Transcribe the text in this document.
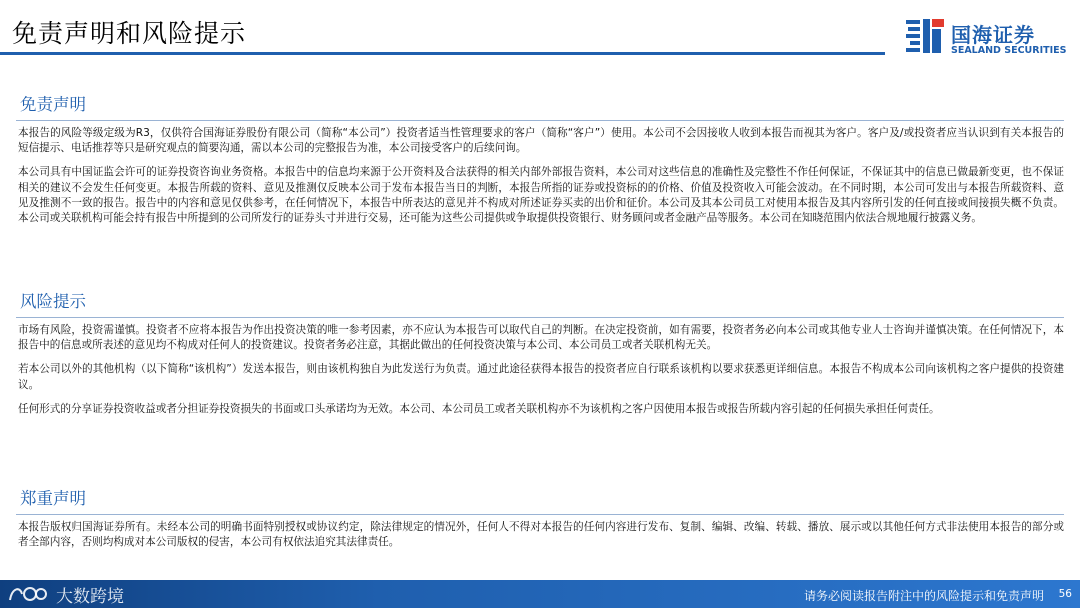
免责声明和风险提示	国海证券
SEALAND SECURITIES
免责声明

本报告的风险等级定级为R3，仅供符合国海证券股份有限公司（简称“本公司”）投资者适当性管理要求的客户（简称“客户”）使用。本公司不会因接收人收到本报告而视其为客户。客户及/或投资者应当认识到有关本报告的短信提示、电话推荐等只是研究观点的简要沟通，需以本公司的完整报告为准，本公司接受客户的后续问询。

本公司具有中国证监会许可的证券投资咨询业务资格。本报告中的信息均来源于公开资料及合法获得的相关内部外部报告资料，本公司对这些信息的准确性及完整性不作任何保证，不保证其中的信息已做最新变更，也不保证相关的建议不会发生任何变更。本报告所载的资料、意见及推测仅反映本公司于发布本报告当日的判断，本报告所指的证券或投资标的的价格、价值及投资收入可能会波动。在不同时期，本公司可发出与本报告所载资料、意见及推测不一致的报告。报告中的内容和意见仅供参考，在任何情况下，本报告中所表达的意见并不构成对所述证券买卖的出价和征价。本公司及其本公司员工对使用本报告及其内容所引发的任何直接或间接损失概不负责。本公司或关联机构可能会持有报告中所提到的公司所发行的证券头寸并进行交易，还可能为这些公司提供或争取提供投资银行、财务顾问或者金融产品等服务。本公司在知晓范围内依法合规地履行披露义务。

风险提示

市场有风险，投资需谨慎。投资者不应将本报告为作出投资决策的唯一参考因素，亦不应认为本报告可以取代自己的判断。在决定投资前，如有需要，投资者务必向本公司或其他专业人士咨询并谨慎决策。在任何情况下，本报告中的信息或所表述的意见均不构成对任何人的投资建议。投资者务必注意，其据此做出的任何投资决策与本公司、本公司员工或者关联机构无关。

若本公司以外的其他机构（以下简称“该机构”）发送本报告，则由该机构独自为此发送行为负责。通过此途径获得本报告的投资者应自行联系该机构以要求获悉更详细信息。本报告不构成本公司向该机构之客户提供的投资建议。

任何形式的分享证券投资收益或者分担证券投资损失的书面或口头承诺均为无效。本公司、本公司员工或者关联机构亦不为该机构之客户因使用本报告或报告所载内容引起的任何损失承担任何责任。

郑重声明

本报告版权归国海证券所有。未经本公司的明确书面特别授权或协议约定，除法律规定的情况外，任何人不得对本报告的任何内容进行发布、复制、编辑、改编、转载、播放、展示或以其他任何方式非法使用本报告的部分或者全部内容，否则均构成对本公司版权的侵害，本公司有权依法追究其法律责任。

大数跨境	请务必阅读报告附注中的风险提示和免责声明 56
